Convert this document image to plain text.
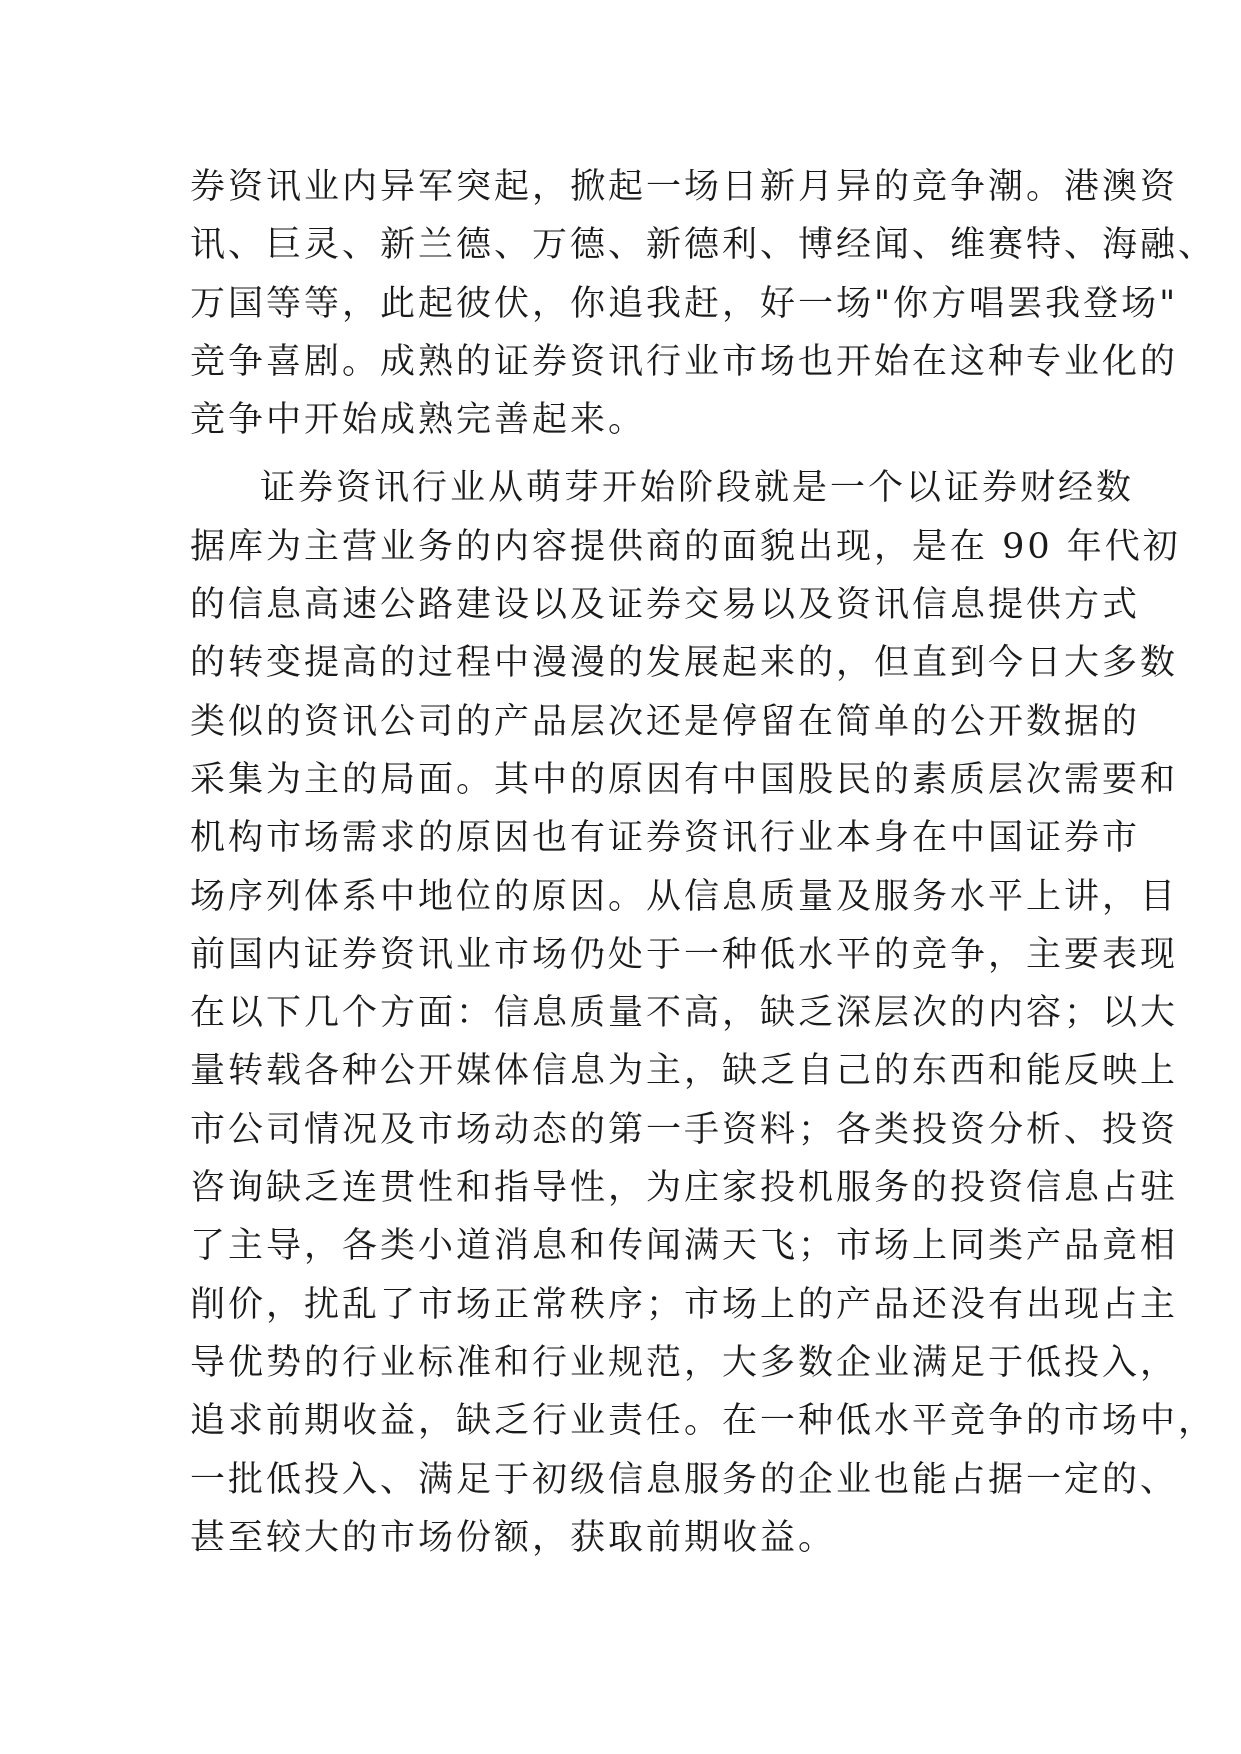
券资讯业内异军突起，掀起一场日新月异的竞争潮。港澳资
讯、巨灵、新兰德、万德、新德利、博经闻、维赛特、海融、
万国等等，此起彼伏，你追我赶，好一场"你方唱罢我登场"
竞争喜剧。成熟的证券资讯行业市场也开始在这种专业化的
竞争中开始成熟完善起来。
证券资讯行业从萌芽开始阶段就是一个以证券财经数
据库为主营业务的内容提供商的面貌出现，是在 90 年代初
的信息高速公路建设以及证券交易以及资讯信息提供方式
的转变提高的过程中漫漫的发展起来的，但直到今日大多数
类似的资讯公司的产品层次还是停留在简单的公开数据的
采集为主的局面。其中的原因有中国股民的素质层次需要和
机构市场需求的原因也有证券资讯行业本身在中国证券市
场序列体系中地位的原因。从信息质量及服务水平上讲，目
前国内证券资讯业市场仍处于一种低水平的竞争，主要表现
在以下几个方面：信息质量不高，缺乏深层次的内容；以大
量转载各种公开媒体信息为主，缺乏自己的东西和能反映上
市公司情况及市场动态的第一手资料；各类投资分析、投资
咨询缺乏连贯性和指导性，为庄家投机服务的投资信息占驻
了主导，各类小道消息和传闻满天飞；市场上同类产品竟相
削价，扰乱了市场正常秩序；市场上的产品还没有出现占主
导优势的行业标准和行业规范，大多数企业满足于低投入，
追求前期收益，缺乏行业责任。在一种低水平竞争的市场中，
一批低投入、满足于初级信息服务的企业也能占据一定的、
甚至较大的市场份额，获取前期收益。
